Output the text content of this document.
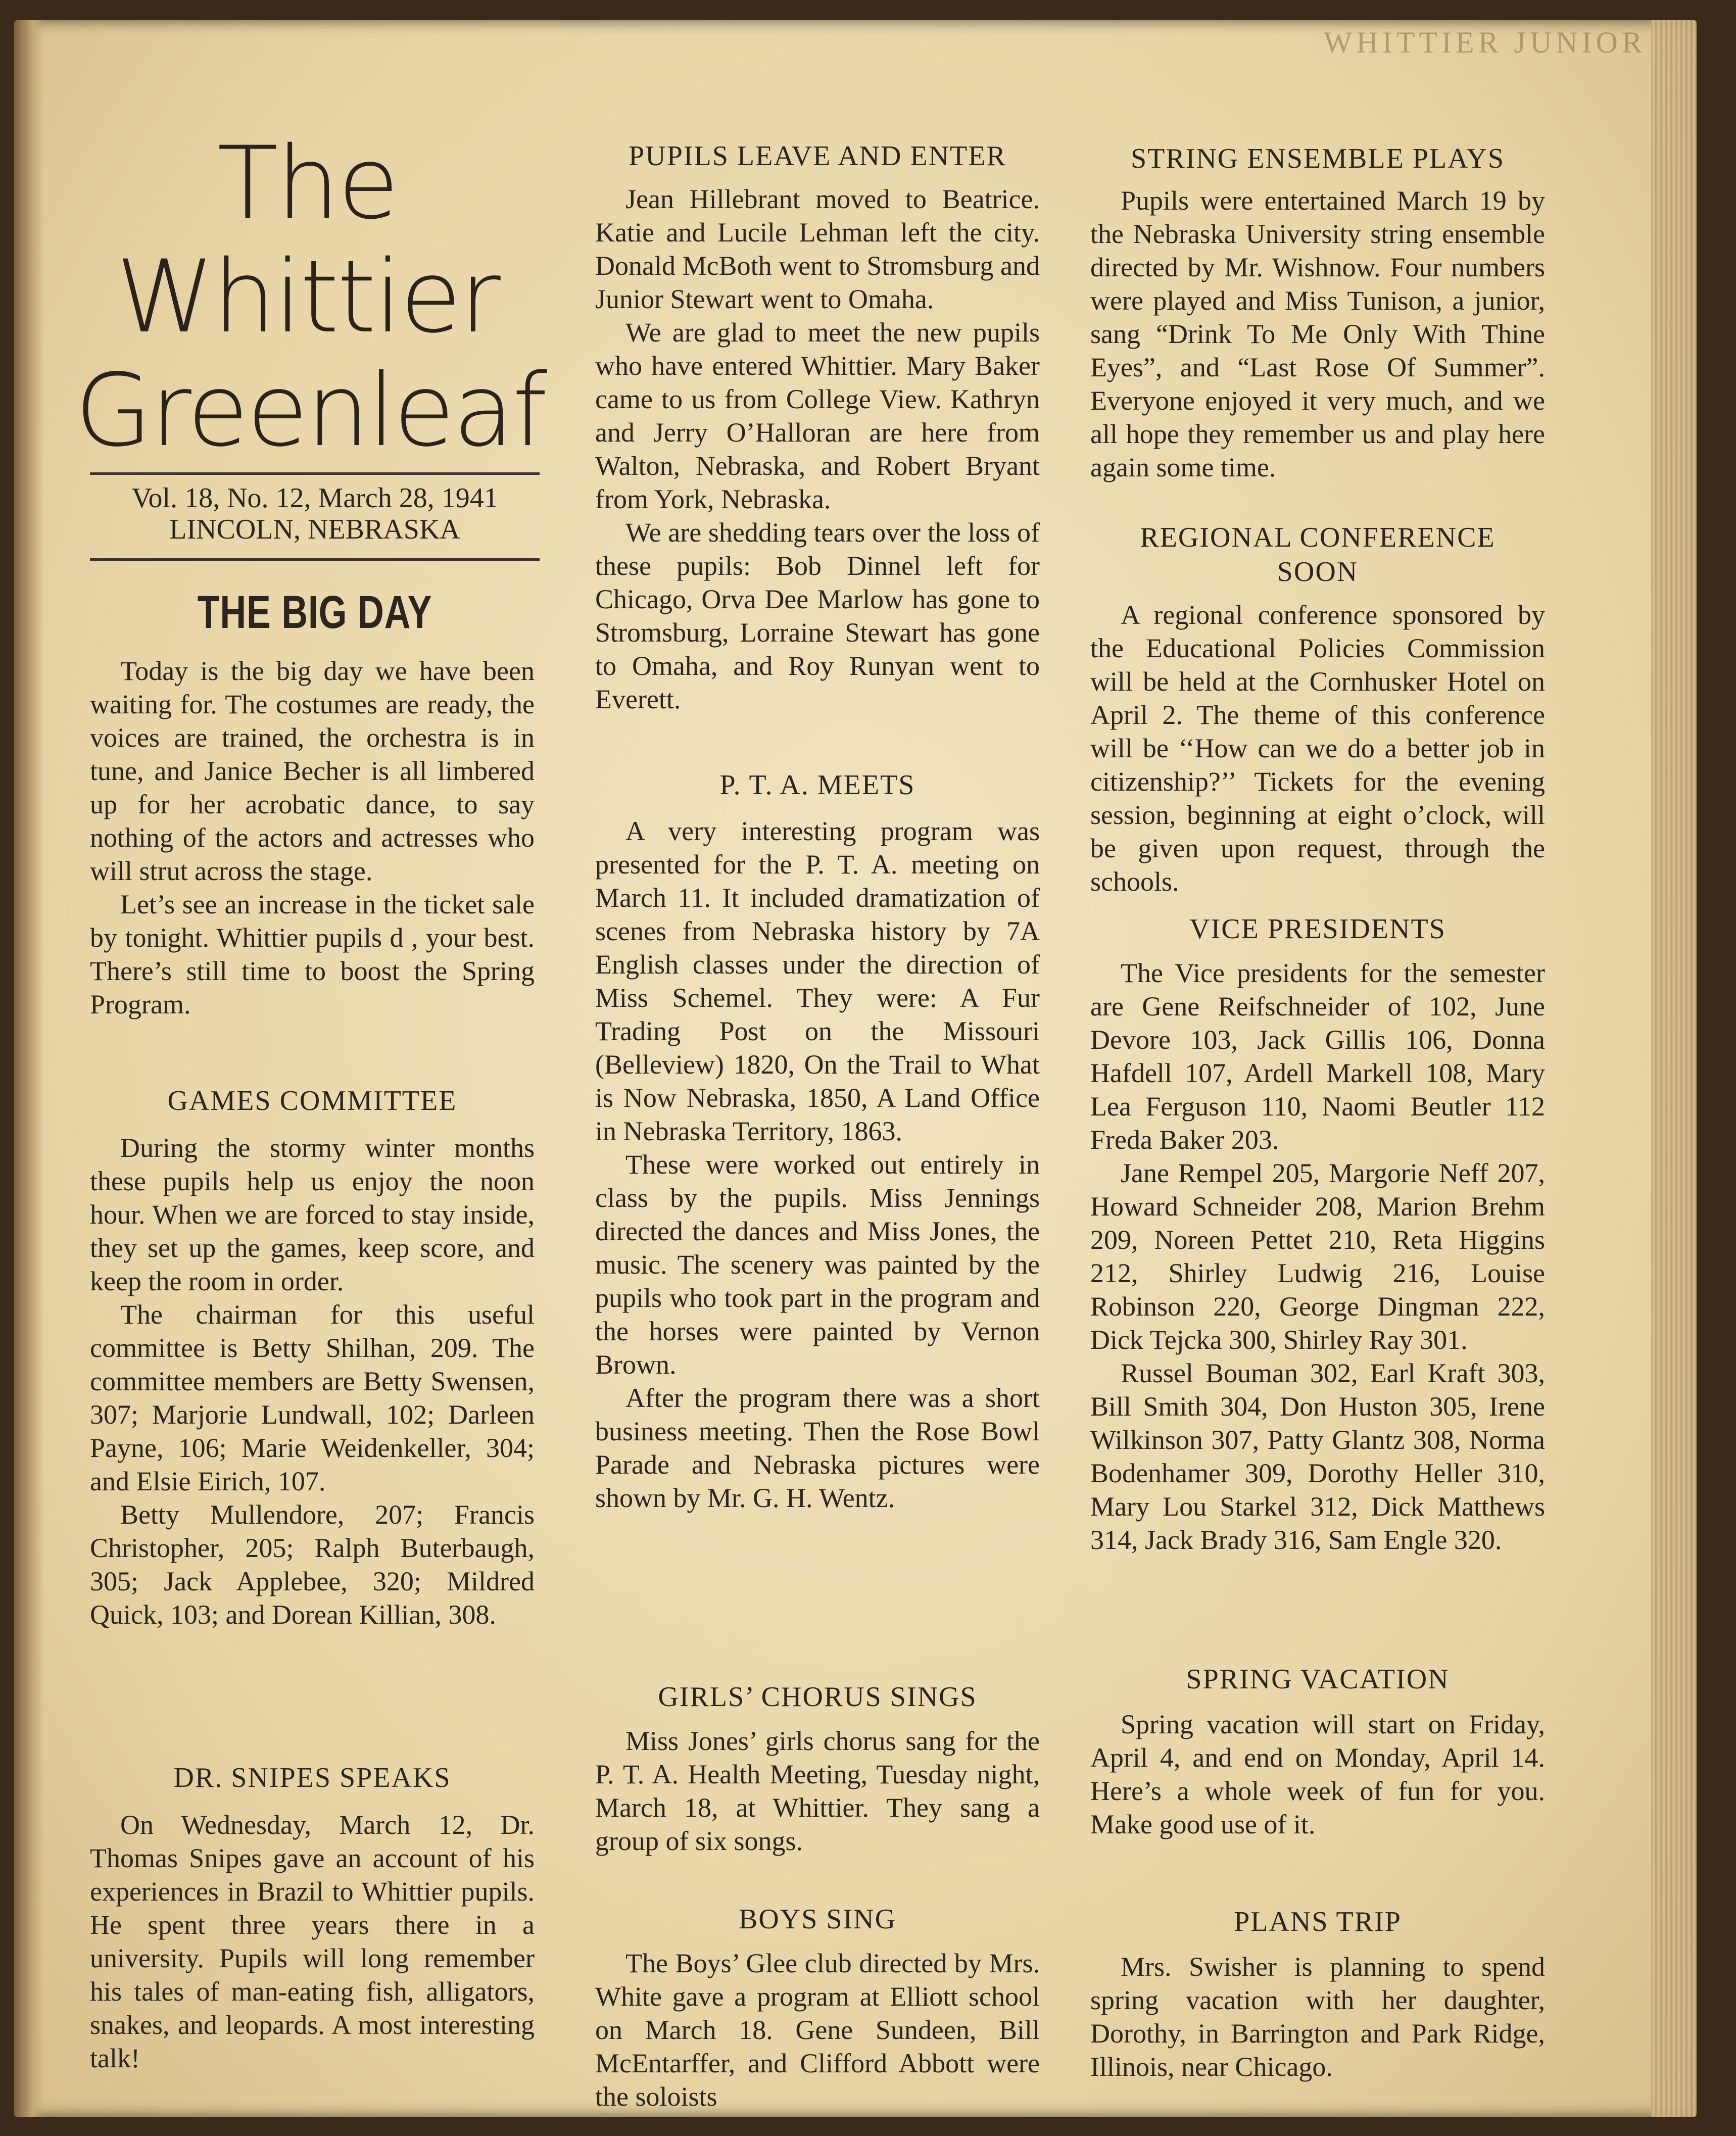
WHITTIER JUNIOR
The
Whittier
Greenleaf
Vol. 18, No. 12, March 28, 1941
LINCOLN, NEBRASKA
THE BIG DAY

Today is the big day we have been waiting for. The costumes are ready, the voices are trained, the orchestra is in tune, and Janice Becher is all limbered up for her acrobatic dance, to say nothing of the actors and actresses who will strut across the stage.

Let’s see an increase in the ticket sale by tonight. Whittier pupils d , your best. There’s still time to boost the Spring Program.

GAMES COMMITTEE

During the stormy winter months these pupils help us enjoy the noon hour. When we are forced to stay inside, they set up the games, keep score, and keep the room in order.

The chairman for this useful committee is Betty Shilhan, 209. The committee members are Betty Swensen, 307; Marjorie Lundwall, 102; Darleen Payne, 106; Marie Weidenkeller, 304; and Elsie Eirich, 107.

Betty Mullendore, 207; Francis Christopher, 205; Ralph Buterbaugh, 305; Jack Applebee, 320; Mildred Quick, 103; and Dorean Killian, 308.

DR. SNIPES SPEAKS

On Wednesday, March 12, Dr. Thomas Snipes gave an account of his experiences in Brazil to Whittier pupils. He spent three years there in a university. Pupils will long remember his tales of man-eating fish, alligators, snakes, and leopards. A most interesting talk!

PUPILS LEAVE AND ENTER

Jean Hillebrant moved to Beatrice. Katie and Lucile Lehman left the city. Donald McBoth went to Stromsburg and Junior Stewart went to Omaha.

We are glad to meet the new pupils who have entered Whittier. Mary Baker came to us from College View. Kathryn and Jerry O’Halloran are here from Walton, Nebraska, and Robert Bryant from York, Nebraska.

We are shedding tears over the loss of these pupils: Bob Dinnel left for Chicago, Orva Dee Marlow has gone to Stromsburg, Lorraine Stewart has gone to Omaha, and Roy Runyan went to Everett.

P. T. A. MEETS

A very interesting program was presented for the P. T. A. meeting on March 11. It included dramatization of scenes from Nebraska history by 7A English classes under the direction of Miss Schemel. They were: A Fur Trading Post on the Missouri (Belleview) 1820, On the Trail to What is Now Nebraska, 1850, A Land Office in Nebraska Territory, 1863.

These were worked out entirely in class by the pupils. Miss Jennings directed the dances and Miss Jones, the music. The scenery was painted by the pupils who took part in the program and the horses were painted by Vernon Brown.

After the program there was a short business meeting. Then the Rose Bowl Parade and Nebraska pictures were shown by Mr. G. H. Wentz.

GIRLS’ CHORUS SINGS

Miss Jones’ girls chorus sang for the P. T. A. Health Meeting, Tuesday night, March 18, at Whittier. They sang a group of six songs.

BOYS SING

The Boys’ Glee club directed by Mrs. White gave a program at Elliott school on March 18. Gene Sundeen, Bill McEntarffer, and Clifford Abbott were the soloists

STRING ENSEMBLE PLAYS

Pupils were entertained March 19 by the Nebraska University string ensemble directed by Mr. Wishnow. Four numbers were played and Miss Tunison, a junior, sang “Drink To Me Only With Thine Eyes”, and “Last Rose Of Summer”. Everyone enjoyed it very much, and we all hope they remember us and play here again some time.

REGIONAL CONFERENCE
SOON

A regional conference sponsored by the Educational Policies Commission will be held at the Cornhusker Hotel on April 2. The theme of this conference will be ‘‘How can we do a better job in citizenship?’’ Tickets for the evening session, beginning at eight o’clock, will be given upon request, through the schools.

VICE PRESIDENTS

The Vice presidents for the semester are Gene Reifschneider of 102, June Devore 103, Jack Gillis 106, Donna Hafdell 107, Ardell Markell 108, Mary Lea Ferguson 110, Naomi Beutler 112 Freda Baker 203.

Jane Rempel 205, Margorie Neff 207, Howard Schneider 208, Marion Brehm 209, Noreen Pettet 210, Reta Higgins 212, Shirley Ludwig 216, Louise Robinson 220, George Dingman 222, Dick Tejcka 300, Shirley Ray 301.

Russel Bouman 302, Earl Kraft 303, Bill Smith 304, Don Huston 305, Irene Wilkinson 307, Patty Glantz 308, Norma Bodenhamer 309, Dorothy Heller 310, Mary Lou Starkel 312, Dick Matthews 314, Jack Brady 316, Sam Engle 320.

SPRING VACATION

Spring vacation will start on Friday, April 4, and end on Monday, April 14. Here’s a whole week of fun for you. Make good use of it.

PLANS TRIP

Mrs. Swisher is planning to spend spring vacation with her daughter, Dorothy, in Barrington and Park Ridge, Illinois, near Chicago.
